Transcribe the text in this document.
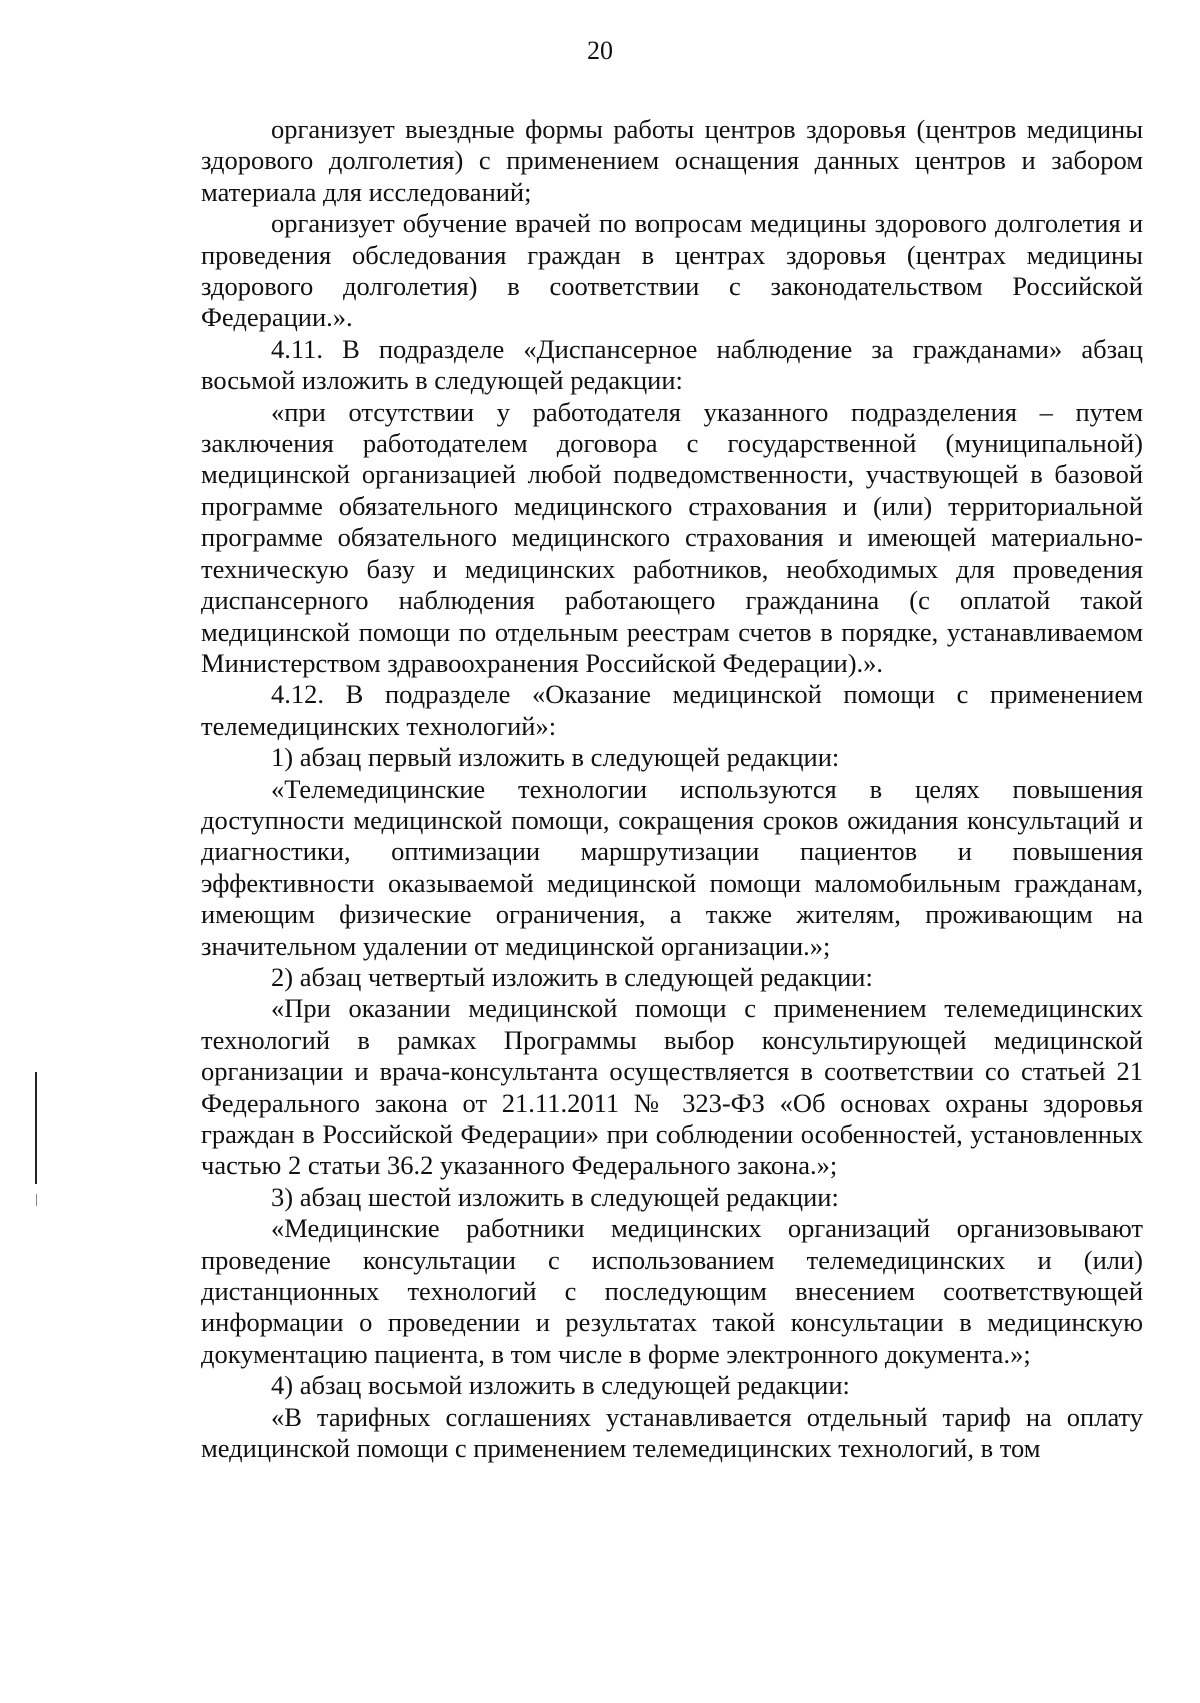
20

организует выездные формы работы центров здоровья (центров медицины здорового долголетия) с применением оснащения данных центров и забором материала для исследований;

организует обучение врачей по вопросам медицины здорового долголетия и проведения обследования граждан в центрах здоровья (центрах медицины здорового долголетия) в соответствии с законодательством Российской Федерации.».

4.11. В подразделе «Диспансерное наблюдение за гражданами» абзац восьмой изложить в следующей редакции:

«при отсутствии у работодателя указанного подразделения – путем заключения работодателем договора с государственной (муниципальной) медицинской организацией любой подведомственности, участвующей в базовой программе обязательного медицинского страхования и (или) территориальной программе обязательного медицинского страхования и имеющей материально-техническую базу и медицинских работников, необходимых для проведения диспансерного наблюдения работающего гражданина (с оплатой такой медицинской помощи по отдельным реестрам счетов в порядке, устанавливаемом Министерством здравоохранения Российской Федерации).».

4.12. В подразделе «Оказание медицинской помощи с применением телемедицинских технологий»:

1) абзац первый изложить в следующей редакции:

«Телемедицинские технологии используются в целях повышения доступности медицинской помощи, сокращения сроков ожидания консультаций и диагностики, оптимизации маршрутизации пациентов и повышения эффективности оказываемой медицинской помощи маломобильным гражданам, имеющим физические ограничения, а также жителям, проживающим на значительном удалении от медицинской организации.»;

2) абзац четвертый изложить в следующей редакции:

«При оказании медицинской помощи с применением телемедицинских технологий в рамках Программы выбор консультирующей медицинской организации и врача-консультанта осуществляется в соответствии со статьей 21 Федерального закона от 21.11.2011 № 323-ФЗ «Об основах охраны здоровья граждан в Российской Федерации» при соблюдении особенностей, установленных частью 2 статьи 36.2 указанного Федерального закона.»;

3) абзац шестой изложить в следующей редакции:

«Медицинские работники медицинских организаций организовывают проведение консультации с использованием телемедицинских и (или) дистанционных технологий с последующим внесением соответствующей информации о проведении и результатах такой консультации в медицинскую документацию пациента, в том числе в форме электронного документа.»;

4) абзац восьмой изложить в следующей редакции:

«В тарифных соглашениях устанавливается отдельный тариф на оплату медицинской помощи с применением телемедицинских технологий, в том
